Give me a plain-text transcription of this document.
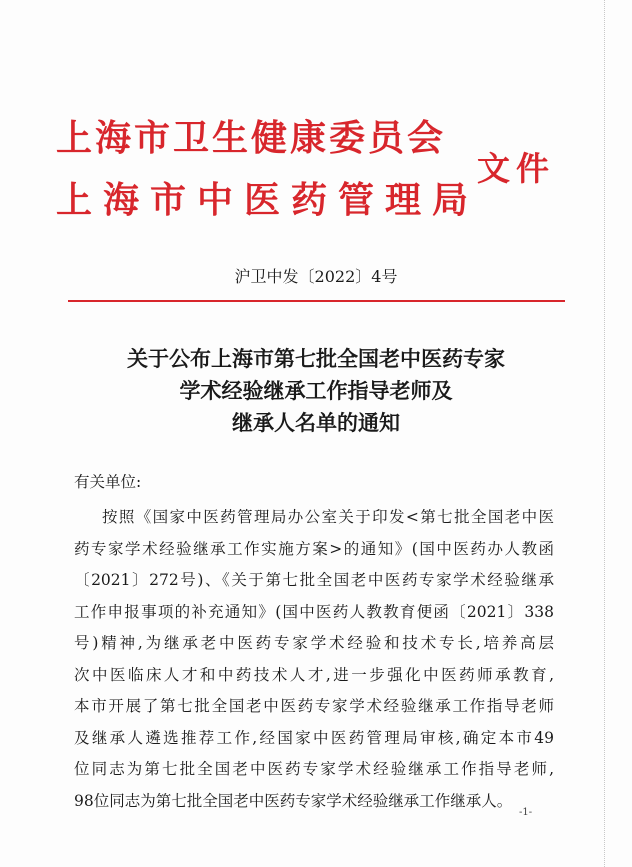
上海市卫生健康委员会
上海市中医药管理局
文件
沪卫中发〔2022〕4号
关于公布上海市第七批全国老中医药专家
学术经验继承工作指导老师及
继承人名单的通知
有关单位:
按照《国家中医药管理局办公室关于印发<第七批全国老中医
药专家学术经验继承工作实施方案>的通知》(国中医药办人教函
〔2021〕272号)、《关于第七批全国老中医药专家学术经验继承
工作申报事项的补充通知》(国中医药人教教育便函〔2021〕338
号)精神,为继承老中医药专家学术经验和技术专长,培养高层
次中医临床人才和中药技术人才,进一步强化中医药师承教育,
本市开展了第七批全国老中医药专家学术经验继承工作指导老师
及继承人遴选推荐工作,经国家中医药管理局审核,确定本市49
位同志为第七批全国老中医药专家学术经验继承工作指导老师,
98位同志为第七批全国老中医药专家学术经验继承工作继承人。
-1-
